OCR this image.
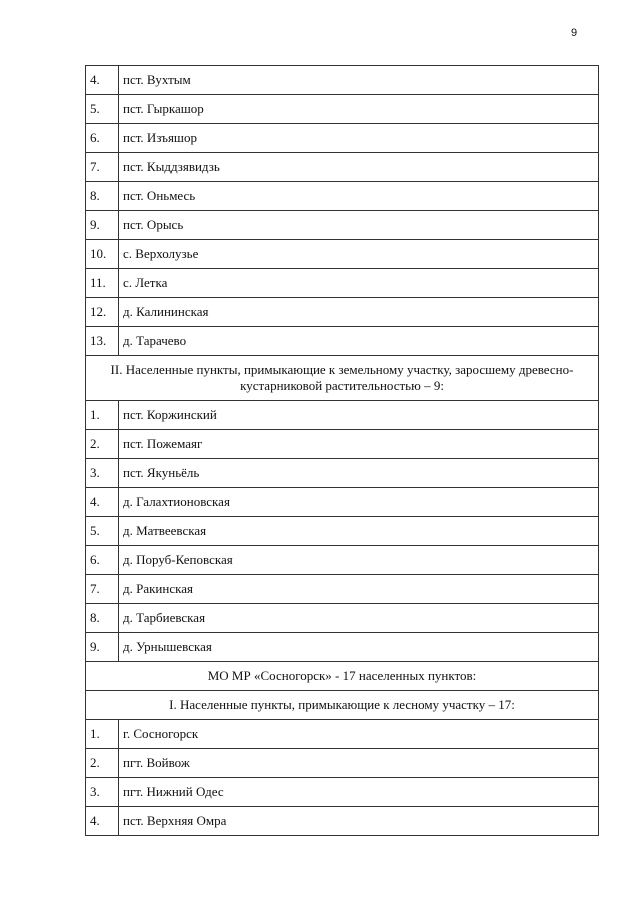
9
4.	пст. Вухтым
5.	пст. Гыркашор
6.	пст. Изъяшор
7.	пст. Кыддзявидзь
8.	пст. Оньмесь
9.	пст. Орысь
10.	с. Верхолузье
11.	с. Летка
12.	д. Калининская
13.	д. Тарачево
II. Населенные пункты, примыкающие к земельному участку, заросшему древесно-кустарниковой растительностью – 9:	
1.	пст. Коржинский
2.	пст. Пожемаяг
3.	пст. Якуньёль
4.	д. Галахтионовская
5.	д. Матвеевская
6.	д. Поруб-Кеповская
7.	д. Ракинская
8.	д. Тарбиевская
9.	д. Урнышевская
МО МР «Сосногорск» - 17 населенных пунктов:	
I. Населенные пункты, примыкающие к лесному участку – 17:	
1.	г. Сосногорск
2.	пгт. Войвож
3.	пгт. Нижний Одес
4.	пст. Верхняя Омра
